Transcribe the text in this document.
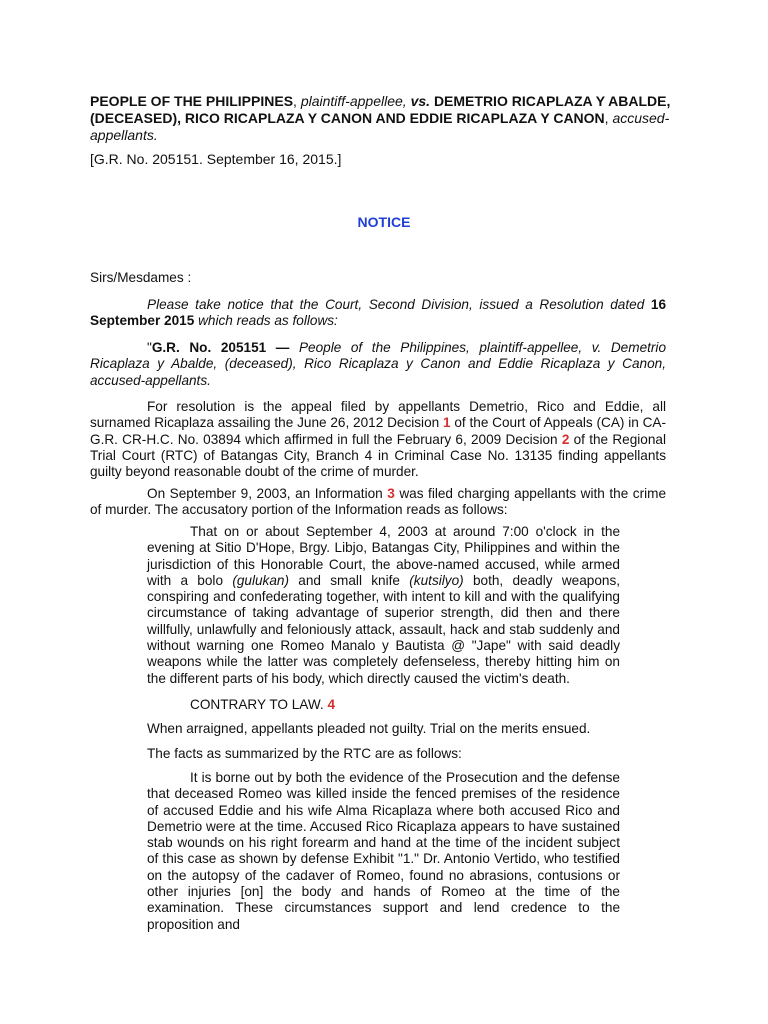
PEOPLE OF THE PHILIPPINES, plaintiff-appellee, vs. DEMETRIO RICAPLAZA Y ABALDE, (DECEASED), RICO RICAPLAZA Y CANON AND EDDIE RICAPLAZA Y CANON, accused-appellants.
[G.R. No. 205151. September 16, 2015.]
NOTICE

Sirs/Mesdames :

Please take notice that the Court, Second Division, issued a Resolution dated 16 September 2015 which reads as follows:

"G.R. No. 205151 — People of the Philippines, plaintiff-appellee, v. Demetrio Ricaplaza y Abalde, (deceased), Rico Ricaplaza y Canon and Eddie Ricaplaza y Canon, accused-appellants.

For resolution is the appeal filed by appellants Demetrio, Rico and Eddie, all surnamed Ricaplaza assailing the June 26, 2012 Decision 1 of the Court of Appeals (CA) in CA-G.R. CR-H.C. No. 03894 which affirmed in full the February 6, 2009 Decision 2 of the Regional Trial Court (RTC) of Batangas City, Branch 4 in Criminal Case No. 13135 finding appellants guilty beyond reasonable doubt of the crime of murder.

On September 9, 2003, an Information 3 was filed charging appellants with the crime of murder. The accusatory portion of the Information reads as follows:

That on or about September 4, 2003 at around 7:00 o'clock in the evening at Sitio D'Hope, Brgy. Libjo, Batangas City, Philippines and within the jurisdiction of this Honorable Court, the above-named accused, while armed with a bolo (gulukan) and small knife (kutsilyo) both, deadly weapons, conspiring and confederating together, with intent to kill and with the qualifying circumstance of taking advantage of superior strength, did then and there willfully, unlawfully and feloniously attack, assault, hack and stab suddenly and without warning one Romeo Manalo y Bautista @ "Jape" with said deadly weapons while the latter was completely defenseless, thereby hitting him on the different parts of his body, which directly caused the victim's death.

CONTRARY TO LAW. 4

When arraigned, appellants pleaded not guilty. Trial on the merits ensued.

The facts as summarized by the RTC are as follows:

It is borne out by both the evidence of the Prosecution and the defense that deceased Romeo was killed inside the fenced premises of the residence of accused Eddie and his wife Alma Ricaplaza where both accused Rico and Demetrio were at the time. Accused Rico Ricaplaza appears to have sustained stab wounds on his right forearm and hand at the time of the incident subject of this case as shown by defense Exhibit "1." Dr. Antonio Vertido, who testified on the autopsy of the cadaver of Romeo, found no abrasions, contusions or other injuries [on] the body and hands of Romeo at the time of the examination. These circumstances support and lend credence to the proposition and
